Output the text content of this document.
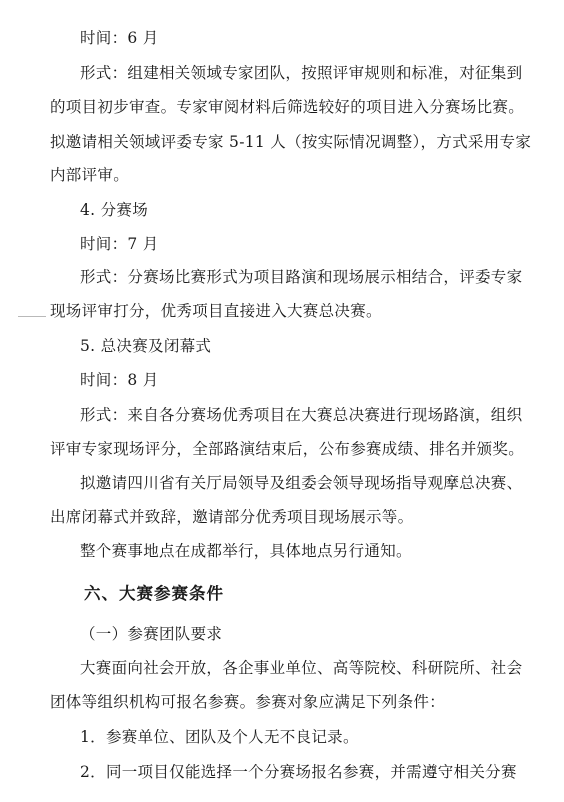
时间：6 月
形式：组建相关领域专家团队，按照评审规则和标准，对征集到
的项目初步审查。专家审阅材料后筛选较好的项目进入分赛场比赛。
拟邀请相关领域评委专家 5-11 人（按实际情况调整），方式采用专家
内部评审。
4. 分赛场
时间：7 月
形式：分赛场比赛形式为项目路演和现场展示相结合，评委专家
现场评审打分，优秀项目直接进入大赛总决赛。
5. 总决赛及闭幕式
时间：8 月
形式：来自各分赛场优秀项目在大赛总决赛进行现场路演，组织
评审专家现场评分，全部路演结束后，公布参赛成绩、排名并颁奖。
拟邀请四川省有关厅局领导及组委会领导现场指导观摩总决赛、
出席闭幕式并致辞，邀请部分优秀项目现场展示等。
整个赛事地点在成都举行，具体地点另行通知。
六、大赛参赛条件
（一）参赛团队要求
大赛面向社会开放，各企事业单位、高等院校、科研院所、社会
团体等组织机构可报名参赛。参赛对象应满足下列条件：
1．参赛单位、团队及个人无不良记录。
2．同一项目仅能选择一个分赛场报名参赛，并需遵守相关分赛
